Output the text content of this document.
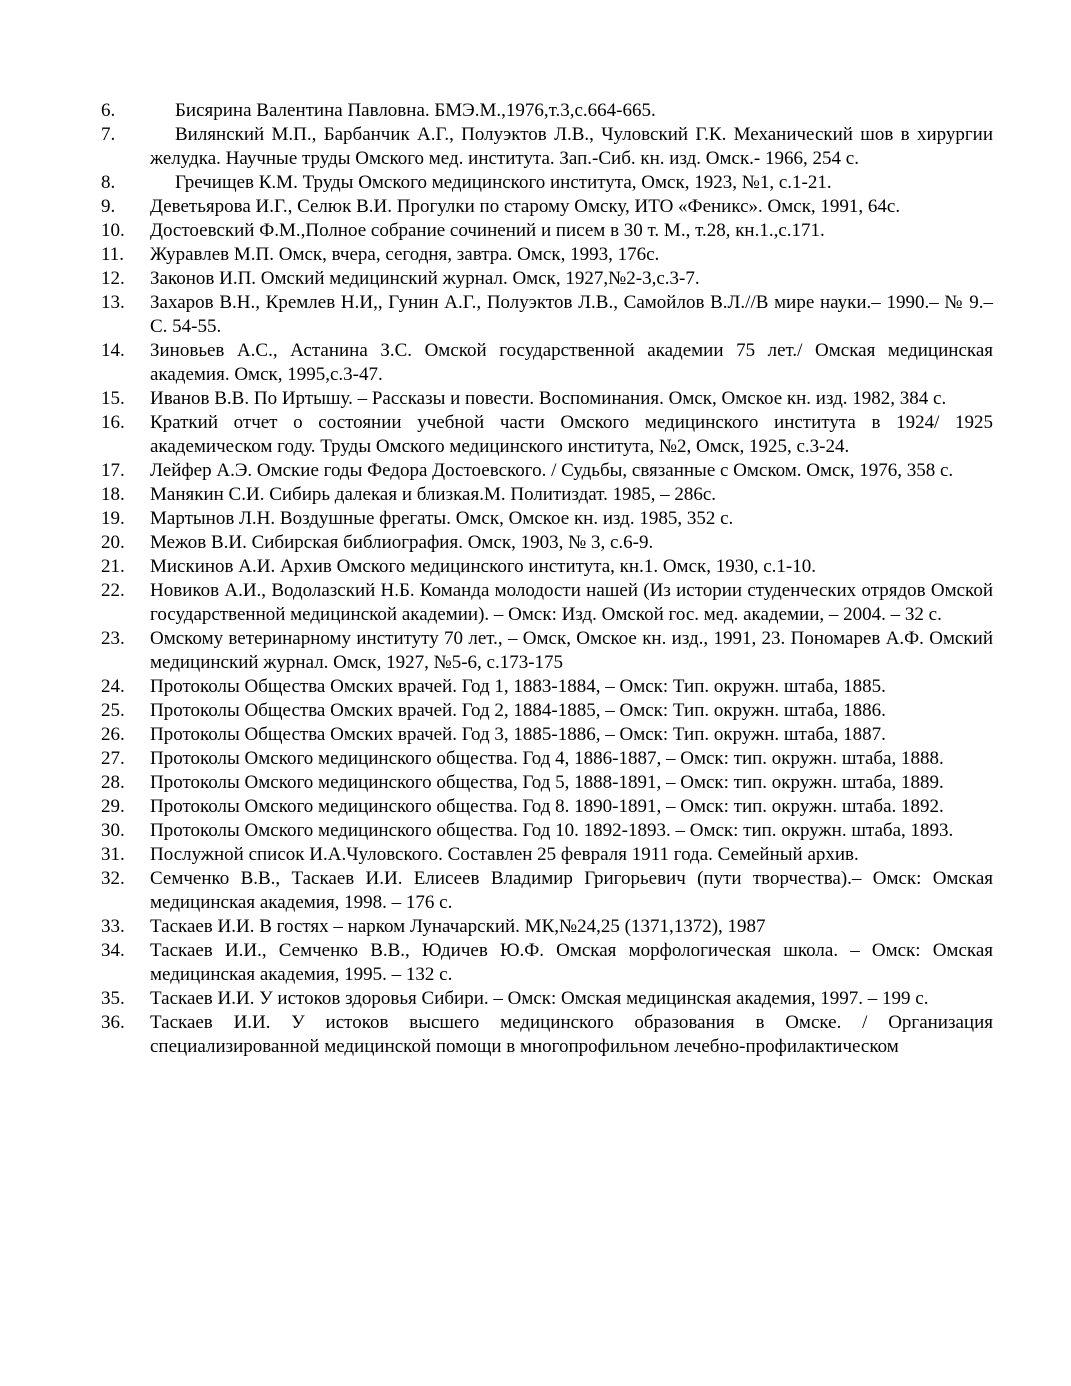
6.	Бисярина Валентина Павловна. БМЭ.М.,1976,т.3,с.664-665.
7.	Вилянский М.П., Барбанчик А.Г., Полуэктов Л.В., Чуловский Г.К. Механический шов в хирургии желудка. Научные труды Омского мед. института. Зап.-Сиб. кн. изд. Омск.- 1966, 254 с.
8.	Гречищев К.М. Труды Омского медицинского института, Омск, 1923, №1, с.1-21.
9.	Деветьярова И.Г., Селюк В.И. Прогулки по старому Омску, ИТО «Феникс». Омск, 1991, 64с.
10.	Достоевский Ф.М.,Полное собрание сочинений и писем в 30 т. М., т.28, кн.1.,с.171.
11.	Журавлев М.П. Омск, вчера, сегодня, завтра. Омск, 1993, 176с.
12.	Законов И.П. Омский медицинский журнал. Омск, 1927,№2-3,с.3-7.
13.	Захаров В.Н., Кремлев Н.И,, Гунин А.Г., Полуэктов Л.В., Самойлов В.Л.//В мире науки.– 1990.– № 9.– С. 54-55.
14.	Зиновьев А.С., Астанина З.С. Омской государственной академии 75 лет./ Омская медицинская академия. Омск, 1995,с.3-47.
15.	Иванов В.В. По Иртышу. – Рассказы и повести. Воспоминания. Омск, Омское кн. изд. 1982, 384 с.
16.	Краткий отчет о состоянии учебной части Омского медицинского института в 1924/ 1925 академическом году. Труды Омского медицинского института, №2, Омск, 1925, с.3-24.
17.	Лейфер А.Э. Омские годы Федора Достоевского. / Судьбы, связанные с Омском. Омск, 1976, 358 с.
18.	Манякин С.И. Сибирь далекая и близкая.М. Политиздат. 1985, – 286с.
19.	Мартынов Л.Н. Воздушные фрегаты. Омск, Омское кн. изд. 1985, 352 с.
20.	Межов В.И. Сибирская библиография. Омск, 1903, № 3, с.6-9.
21.	Мискинов А.И. Архив Омского медицинского института, кн.1. Омск, 1930, с.1-10.
22.	Новиков А.И., Водолазский Н.Б. Команда молодости нашей (Из истории студенческих отрядов Омской государственной медицинской академии). – Омск: Изд. Омской гос. мед. академии, – 2004. – 32 с.
23.	Омскому ветеринарному институту 70 лет., – Омск, Омское кн. изд., 1991, 23. Пономарев А.Ф. Омский медицинский журнал. Омск, 1927, №5-6, с.173-175
24.	Протоколы Общества Омских врачей. Год 1, 1883-1884, – Омск: Тип. окружн. штаба, 1885.
25.	Протоколы Общества Омских врачей. Год 2, 1884-1885, – Омск: Тип. окружн. штаба, 1886.
26.	Протоколы Общества Омских врачей. Год 3, 1885-1886, – Омск: Тип. окружн. штаба, 1887.
27.	Протоколы Омского медицинского общества. Год 4, 1886-1887, – Омск: тип. окружн. штаба, 1888.
28.	Протоколы Омского медицинского общества, Год 5, 1888-1891, – Омск: тип. окружн. штаба, 1889.
29.	Протоколы Омского медицинского общества. Год 8. 1890-1891, – Омск: тип. окружн. штаба. 1892.
30.	Протоколы Омского медицинского общества. Год 10. 1892-1893. – Омск: тип. окружн. штаба, 1893.
31.	Послужной список И.А.Чуловского. Составлен 25 февраля 1911 года. Семейный архив.
32.	Семченко В.В., Таскаев И.И. Елисеев Владимир Григорьевич (пути творчества).– Омск: Омская медицинская академия, 1998. – 176 с.
33.	Таскаев И.И. В гостях – нарком Луначарский. МК,№24,25 (1371,1372), 1987
34.	Таскаев И.И., Семченко В.В., Юдичев Ю.Ф. Омская морфологическая школа. – Омск: Омская медицинская академия, 1995. – 132 с.
35.	Таскаев И.И. У истоков здоровья Сибири. – Омск: Омская медицинская академия, 1997. – 199 с.
36.	Таскаев И.И. У истоков высшего медицинского образования в Омске. / Организация специализированной медицинской помощи в многопрофильном лечебно-профилактическом
